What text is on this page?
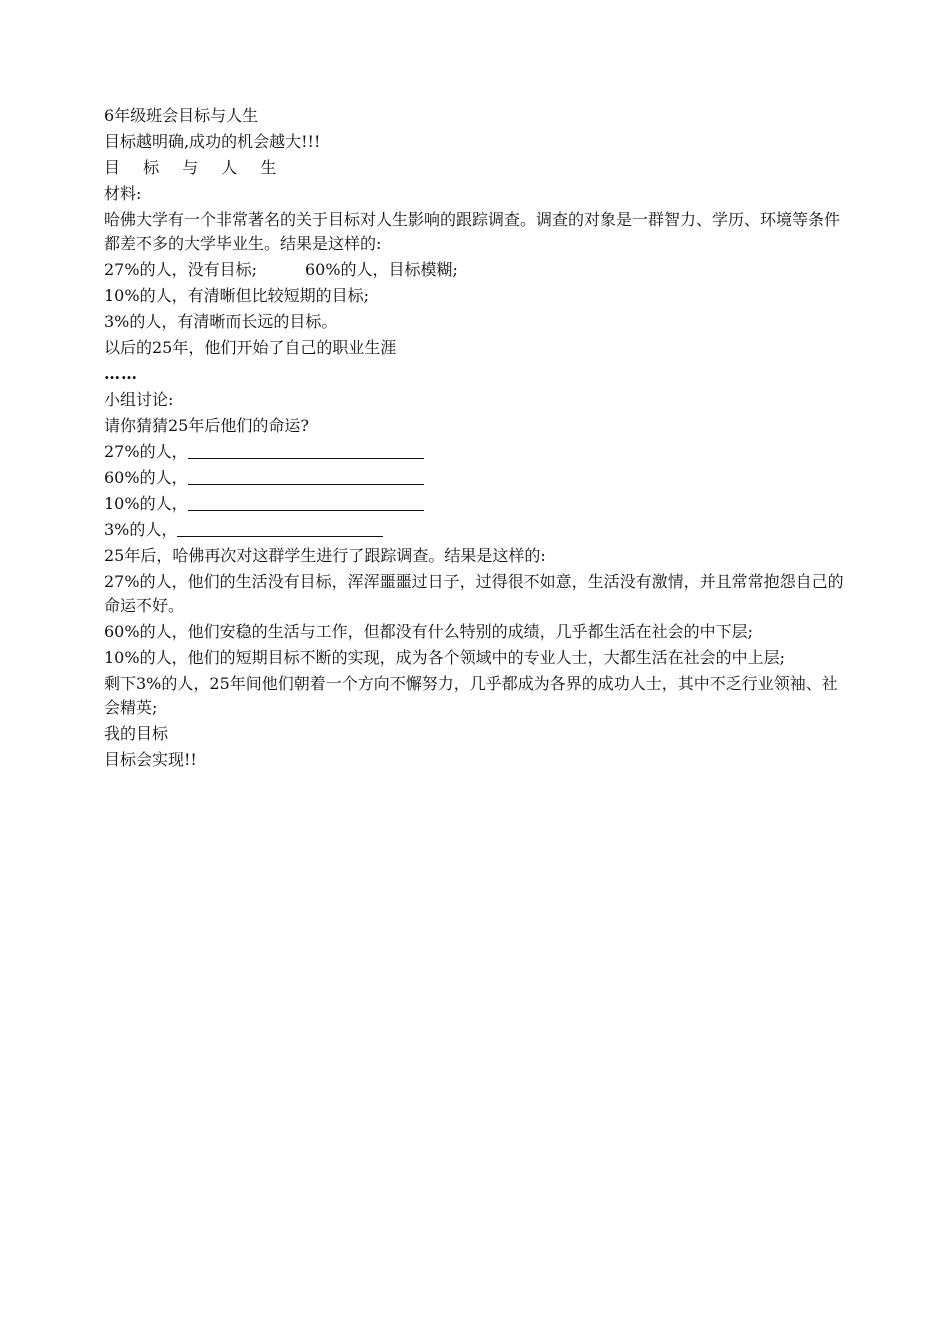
6年级班会目标与人生
目标越明确,成功的机会越大!!!
目 标 与 人 生
材料:
哈佛大学有一个非常著名的关于目标对人生影响的跟踪调查。调查的对象是一群智力、学历、环境等条件都差不多的大学毕业生。结果是这样的:
27%的人，没有目标;	60%的人，目标模糊;
10%的人，有清晰但比较短期的目标;
3%的人，有清晰而长远的目标。
以后的25年，他们开始了自己的职业生涯
……
小组讨论:
请你猜猜25年后他们的命运?
27%的人，
60%的人，
10%的人，
3%的人，
25年后，哈佛再次对这群学生进行了跟踪调查。结果是这样的:
27%的人，他们的生活没有目标，浑浑噩噩过日子，过得很不如意，生活没有激情，并且常常抱怨自己的命运不好。
60%的人，他们安稳的生活与工作，但都没有什么特别的成绩，几乎都生活在社会的中下层;
10%的人，他们的短期目标不断的实现，成为各个领域中的专业人士，大都生活在社会的中上层;
剩下3%的人，25年间他们朝着一个方向不懈努力，几乎都成为各界的成功人士，其中不乏行业领袖、社会精英;
我的目标
目标会实现!!
